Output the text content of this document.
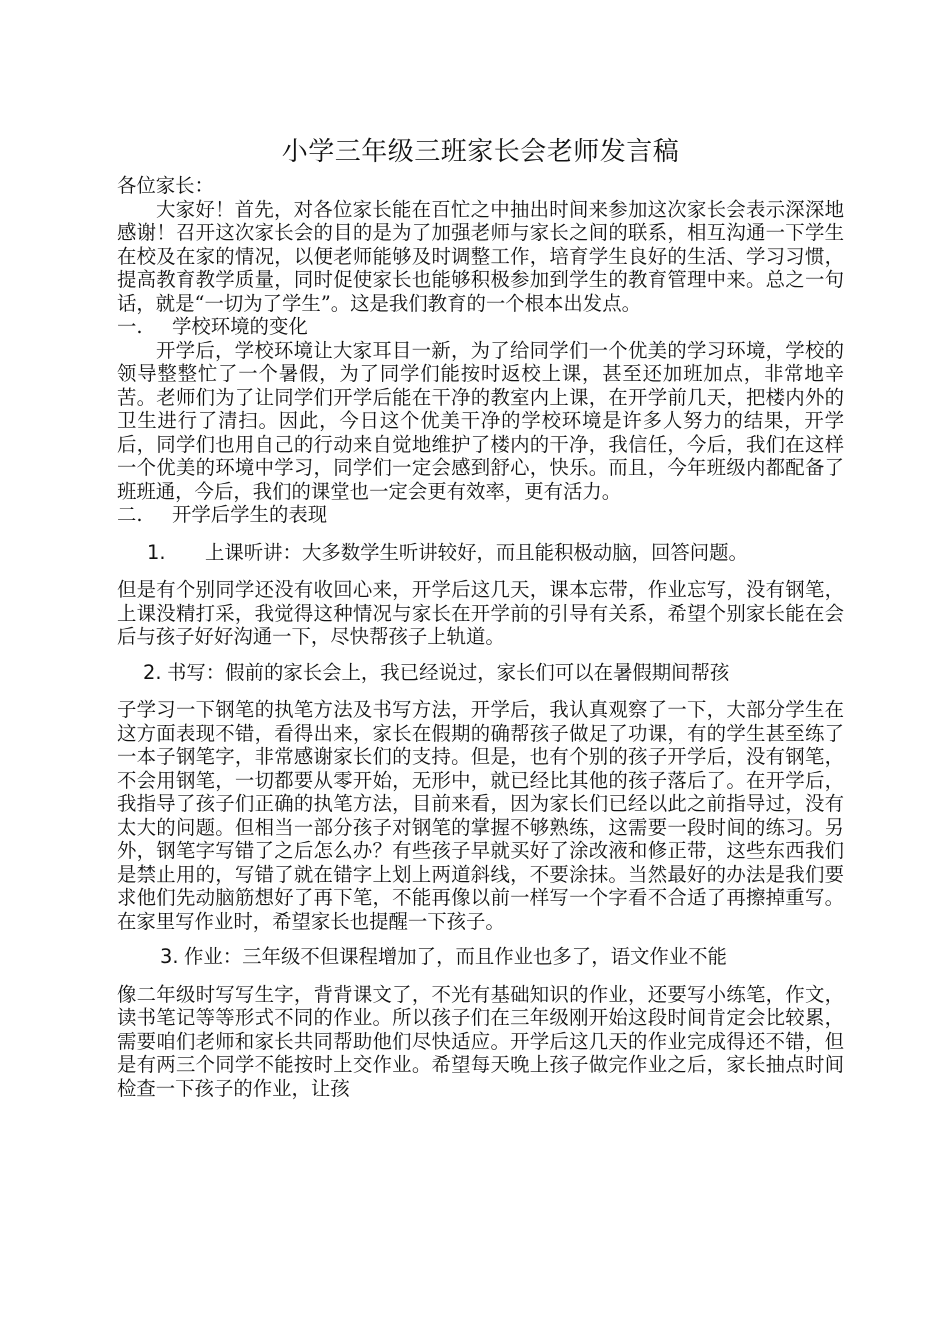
小学三年级三班家长会老师发言稿

各位家长：

大家好！首先，对各位家长能在百忙之中抽出时间来参加这次家长会表示深深地感谢！召开这次家长会的目的是为了加强老师与家长之间的联系，相互沟通一下学生在校及在家的情况，以便老师能够及时调整工作，培育学生良好的生活、学习习惯，提高教育教学质量，同时促使家长也能够积极参加到学生的教育管理中来。总之一句话，就是“一切为了学生”。这是我们教育的一个根本出发点。

一. 学校环境的变化

开学后，学校环境让大家耳目一新，为了给同学们一个优美的学习环境，学校的领导整整忙了一个暑假，为了同学们能按时返校上课，甚至还加班加点，非常地辛苦。老师们为了让同学们开学后能在干净的教室内上课，在开学前几天，把楼内外的卫生进行了清扫。因此，今日这个优美干净的学校环境是许多人努力的结果，开学后，同学们也用自己的行动来自觉地维护了楼内的干净，我信任，今后，我们在这样一个优美的环境中学习，同学们一定会感到舒心，快乐。而且，今年班级内都配备了班班通，今后，我们的课堂也一定会更有效率，更有活力。

二. 开学后学生的表现

1. 上课听讲：大多数学生听讲较好，而且能积极动脑，回答问题。

但是有个别同学还没有收回心来，开学后这几天，课本忘带，作业忘写，没有钢笔，上课没精打采，我觉得这种情况与家长在开学前的引导有关系，希望个别家长能在会后与孩子好好沟通一下，尽快帮孩子上轨道。

2. 书写：假前的家长会上，我已经说过，家长们可以在暑假期间帮孩

子学习一下钢笔的执笔方法及书写方法，开学后，我认真观察了一下，大部分学生在这方面表现不错，看得出来，家长在假期的确帮孩子做足了功课，有的学生甚至练了一本子钢笔字，非常感谢家长们的支持。但是，也有个别的孩子开学后，没有钢笔，不会用钢笔，一切都要从零开始，无形中，就已经比其他的孩子落后了。在开学后，我指导了孩子们正确的执笔方法，目前来看，因为家长们已经以此之前指导过，没有太大的问题。但相当一部分孩子对钢笔的掌握不够熟练，这需要一段时间的练习。另外，钢笔字写错了之后怎么办？有些孩子早就买好了涂改液和修正带，这些东西我们是禁止用的，写错了就在错字上划上两道斜线，不要涂抹。当然最好的办法是我们要求他们先动脑筋想好了再下笔，不能再像以前一样写一个字看不合适了再擦掉重写。在家里写作业时，希望家长也提醒一下孩子。

3. 作业：三年级不但课程增加了，而且作业也多了，语文作业不能

像二年级时写写生字，背背课文了，不光有基础知识的作业，还要写小练笔，作文，读书笔记等等形式不同的作业。所以孩子们在三年级刚开始这段时间肯定会比较累，需要咱们老师和家长共同帮助他们尽快适应。开学后这几天的作业完成得还不错，但是有两三个同学不能按时上交作业。希望每天晚上孩子做完作业之后，家长抽点时间检查一下孩子的作业，让孩
